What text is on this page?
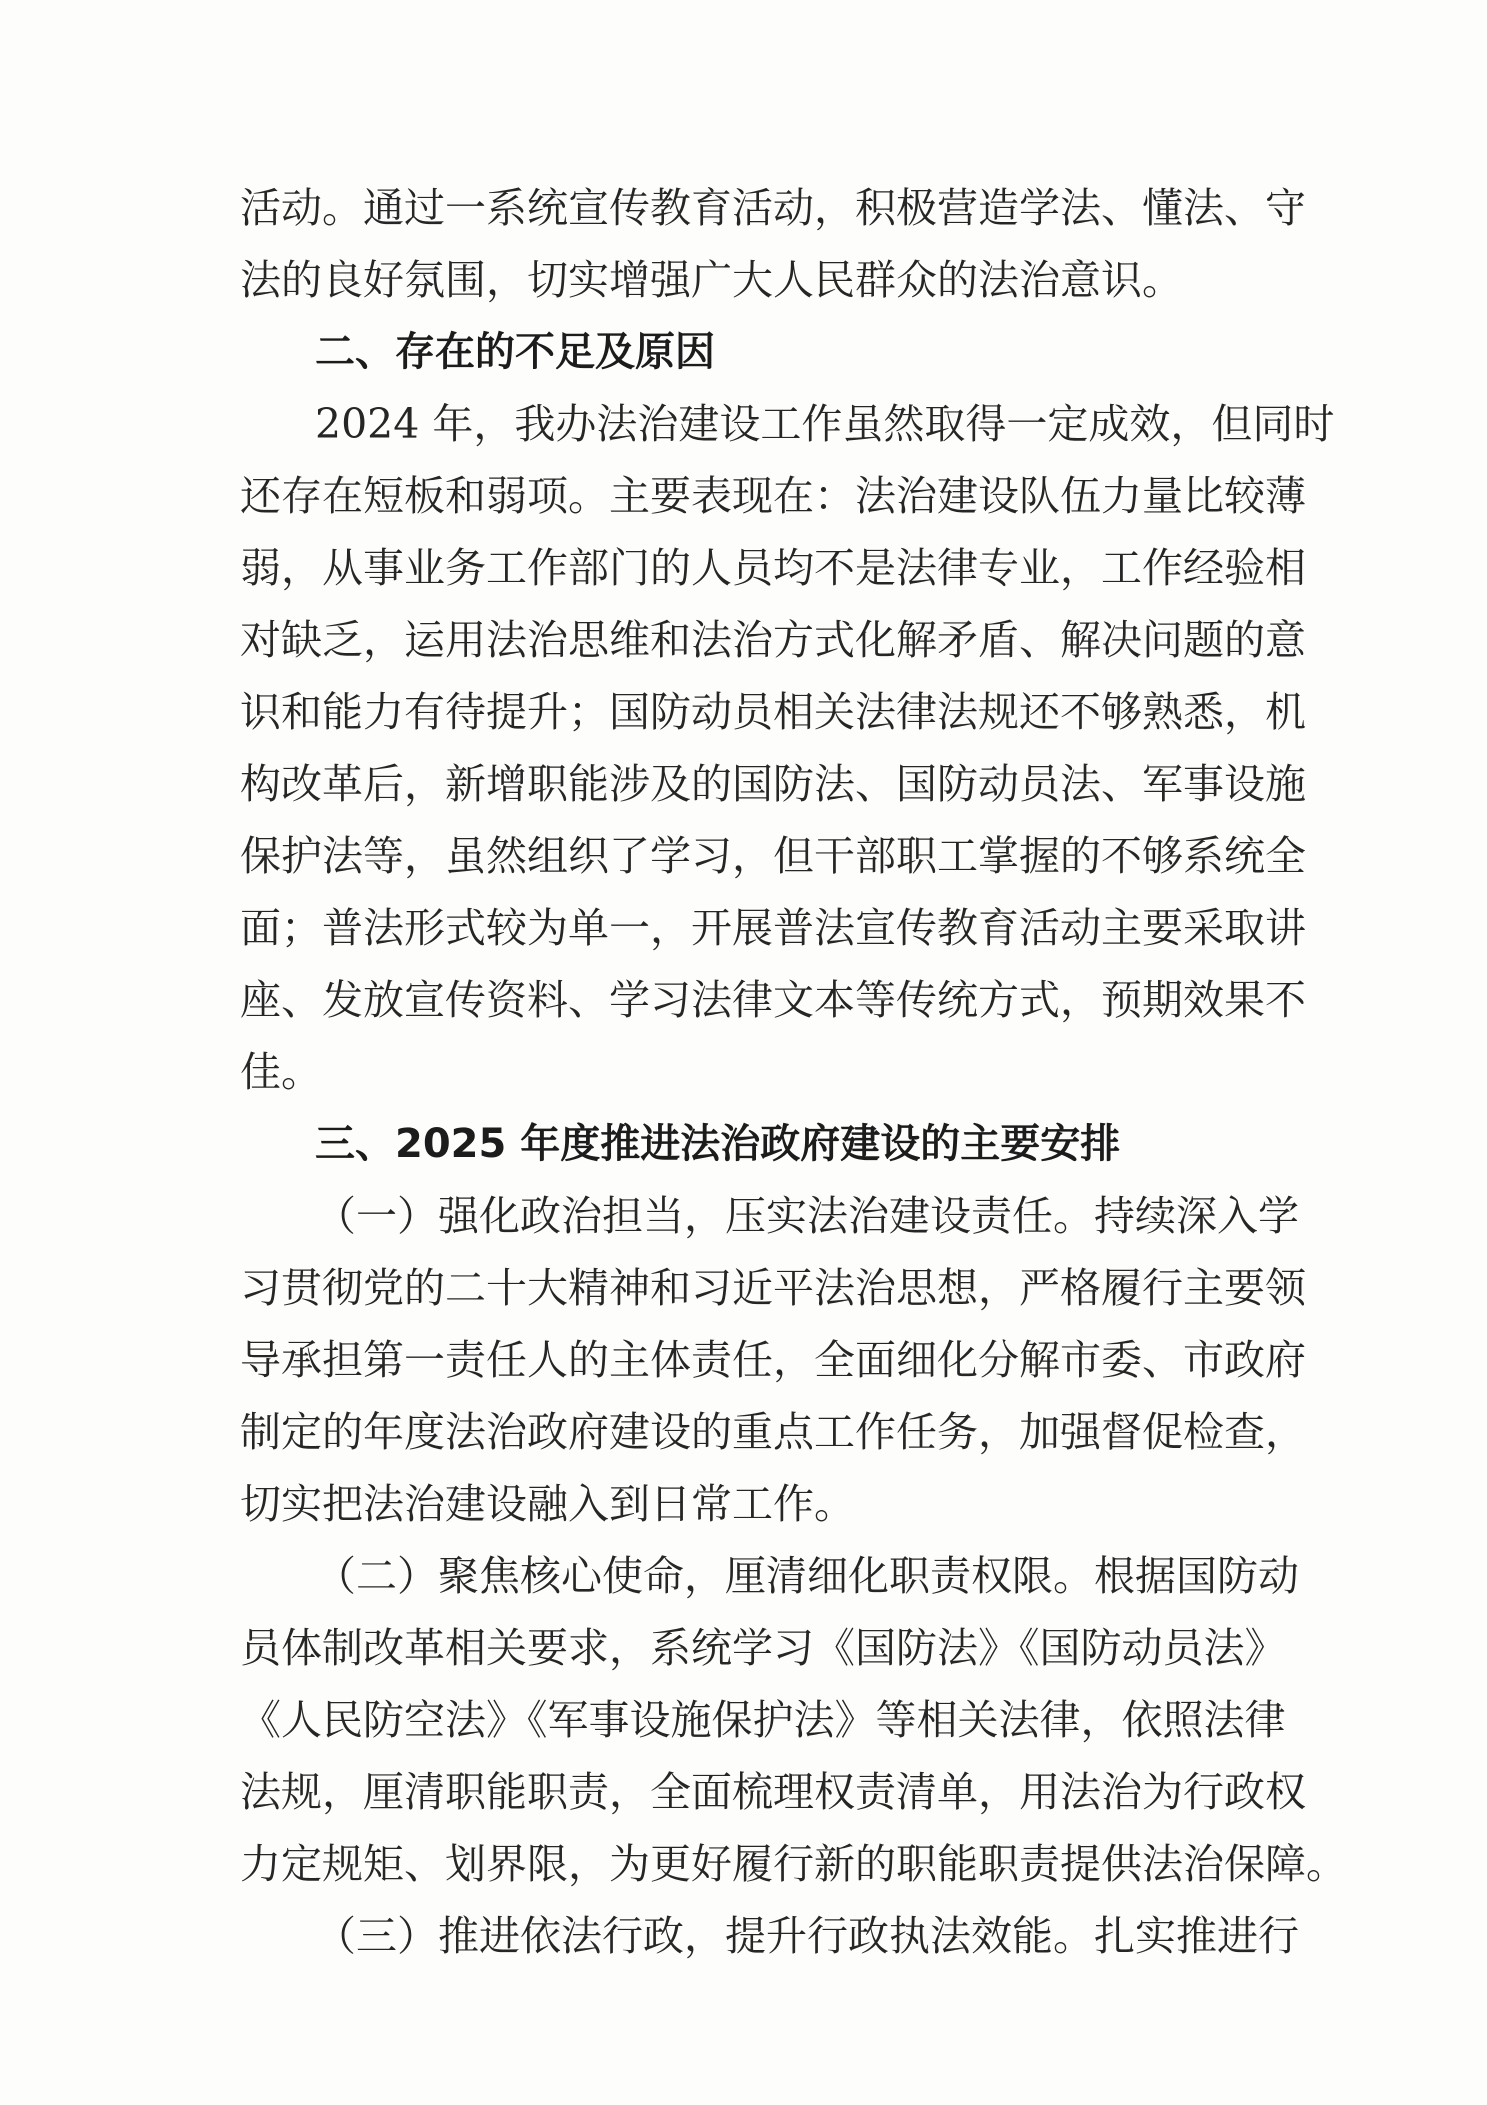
活动。通过一系统宣传教育活动，积极营造学法、懂法、守
法的良好氛围，切实增强广大人民群众的法治意识。
二、存在的不足及原因
2024 年，我办法治建设工作虽然取得一定成效，但同时
还存在短板和弱项。主要表现在：法治建设队伍力量比较薄
弱，从事业务工作部门的人员均不是法律专业，工作经验相
对缺乏，运用法治思维和法治方式化解矛盾、解决问题的意
识和能力有待提升；国防动员相关法律法规还不够熟悉，机
构改革后，新增职能涉及的国防法、国防动员法、军事设施
保护法等，虽然组织了学习，但干部职工掌握的不够系统全
面；普法形式较为单一，开展普法宣传教育活动主要采取讲
座、发放宣传资料、学习法律文本等传统方式，预期效果不
佳。
三、2025 年度推进法治政府建设的主要安排
（一）强化政治担当，压实法治建设责任。持续深入学
习贯彻党的二十大精神和习近平法治思想，严格履行主要领
导承担第一责任人的主体责任，全面细化分解市委、市政府
制定的年度法治政府建设的重点工作任务，加强督促检查，
切实把法治建设融入到日常工作。
（二）聚焦核心使命，厘清细化职责权限。根据国防动
员体制改革相关要求，系统学习《国防法》《国防动员法》
《人民防空法》《军事设施保护法》等相关法律，依照法律
法规，厘清职能职责，全面梳理权责清单，用法治为行政权
力定规矩、划界限，为更好履行新的职能职责提供法治保障。
（三）推进依法行政，提升行政执法效能。扎实推进行
